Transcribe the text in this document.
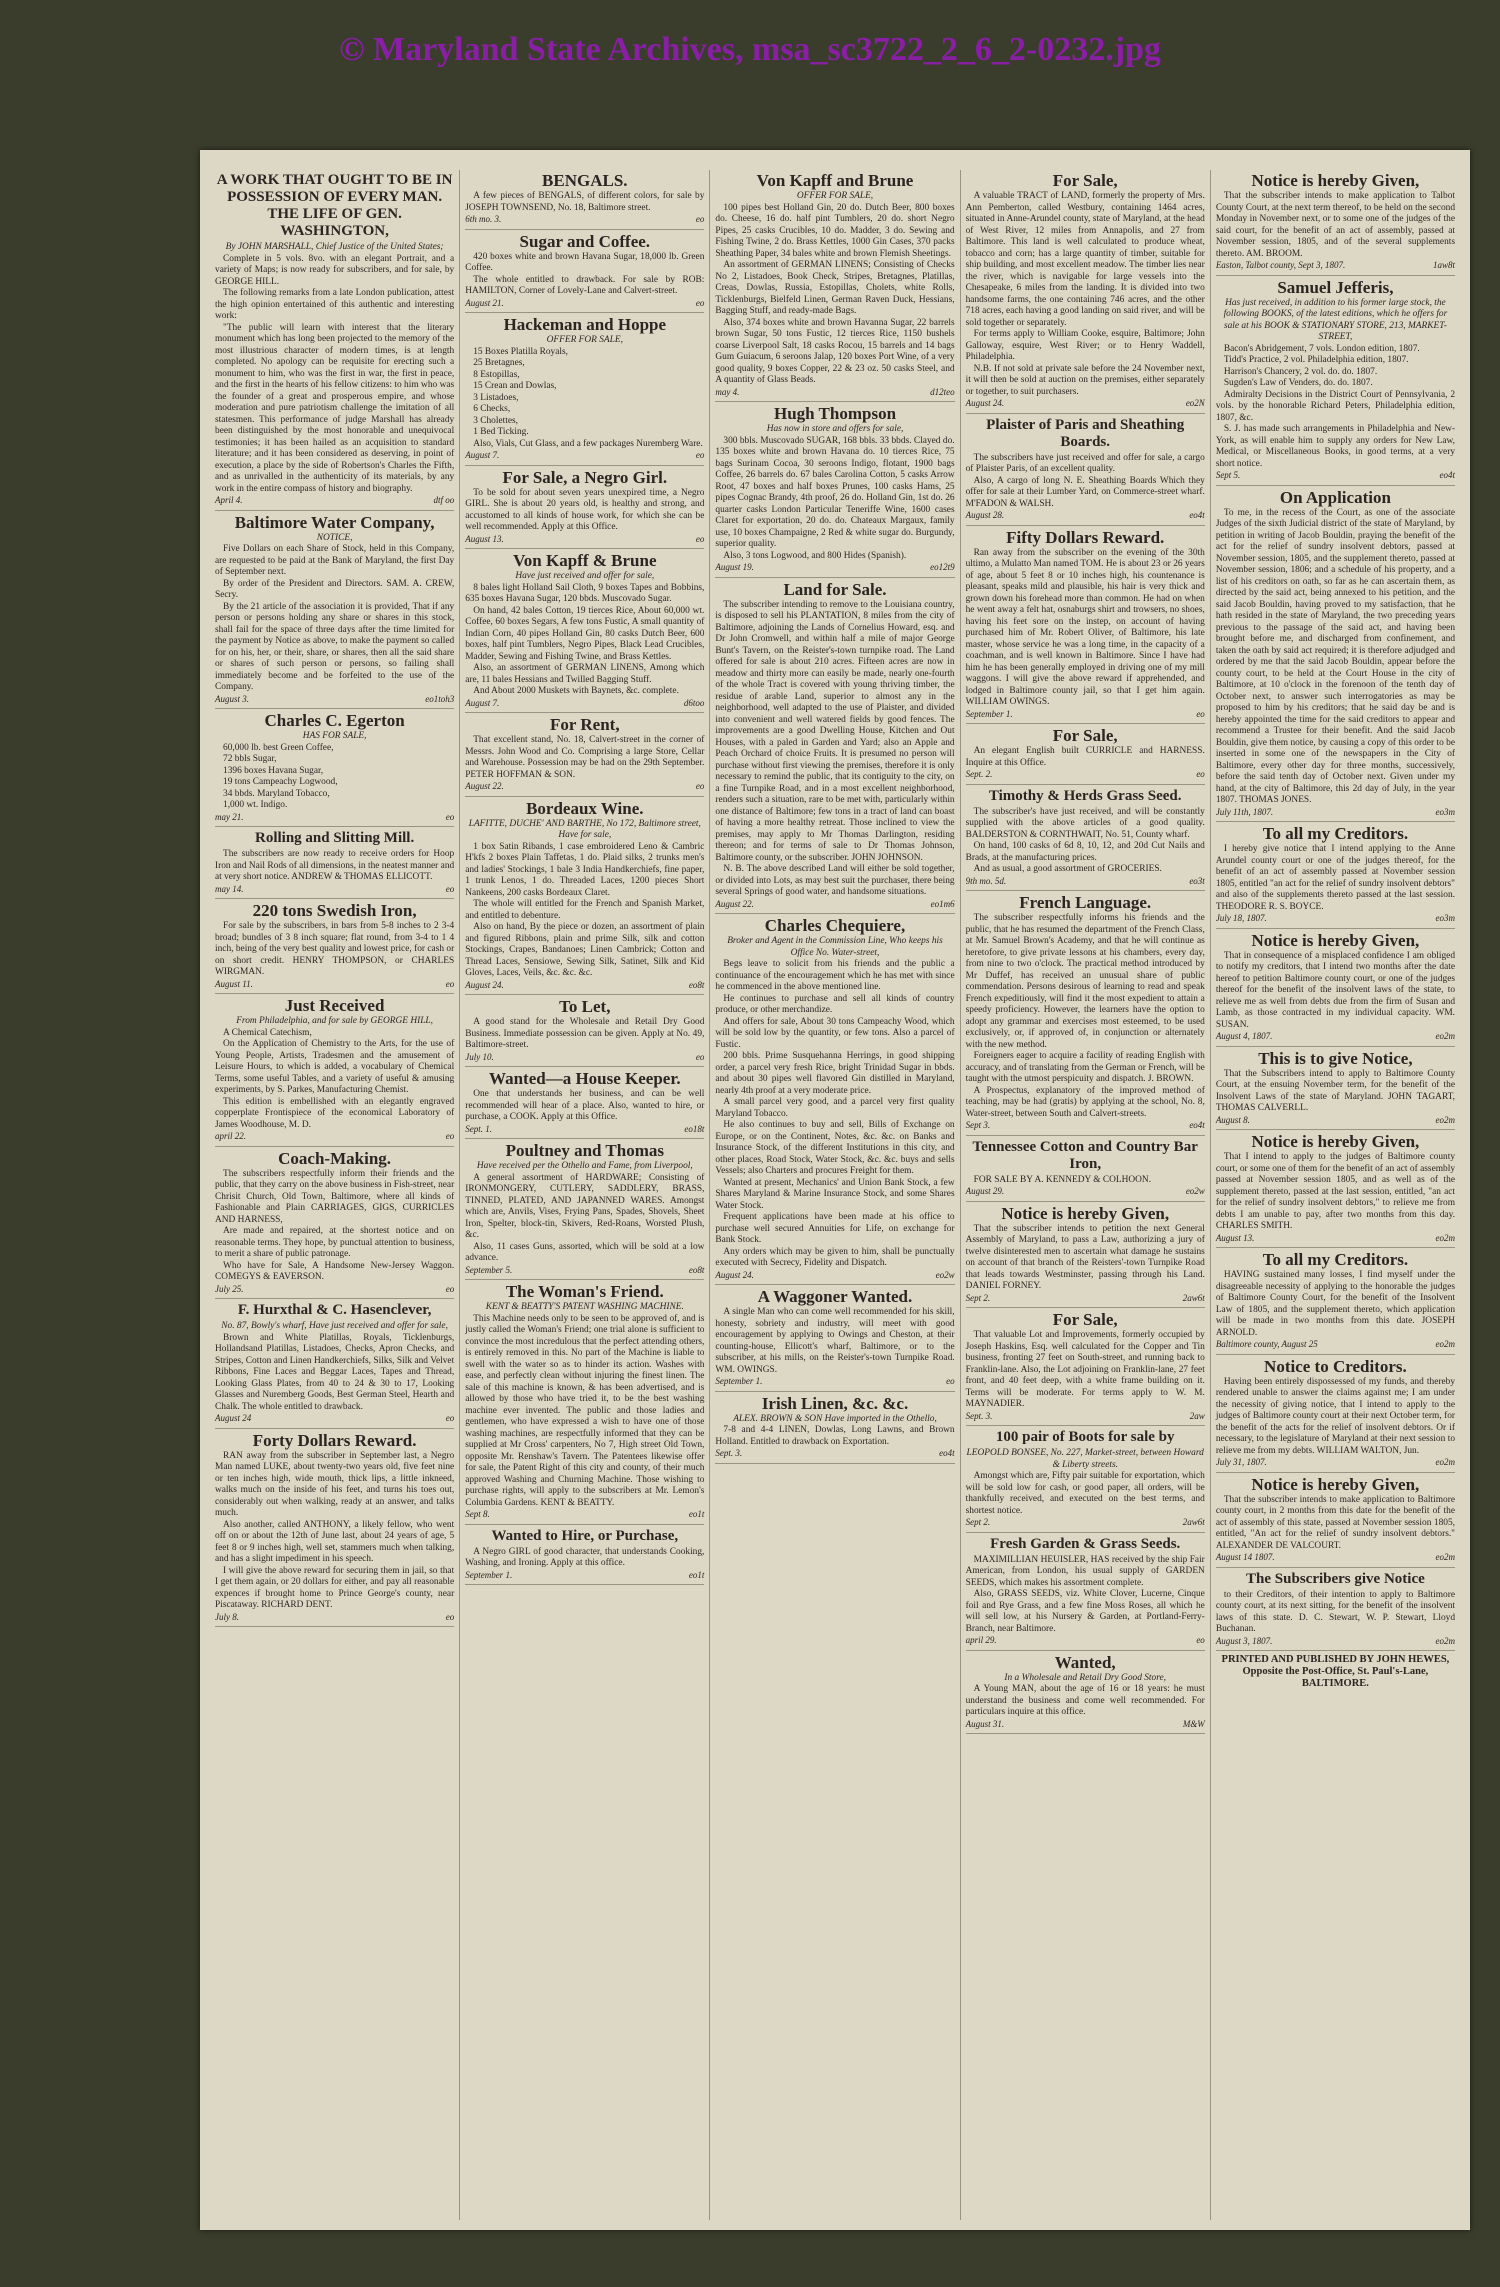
© Maryland State Archives, msa_sc3722_2_6_2-0232.jpg
A WORK THAT OUGHT TO BE IN POSSESSION OF EVERY MAN. THE LIFE OF GEN. WASHINGTON,
By JOHN MARSHALL, Chief Justice of the United States;
Complete in 5 vols. 8vo. with an elegant Portrait, and a variety of Maps; is now ready for subscribers, and for sale, by GEORGE HILL.
The following remarks from a late London publication, attest the high opinion entertained of this authentic and interesting work:
"The public will learn with interest that the literary monument which has long been projected to the memory of the most illustrious character of modern times, is at length completed. No apology can be requisite for erecting such a monument to him, who was the first in war, the first in peace, and the first in the hearts of his fellow citizens: to him who was the founder of a great and prosperous empire, and whose moderation and pure patriotism challenge the imitation of all statesmen. This performance of judge Marshall has already been distinguished by the most honorable and unequivocal testimonies; it has been hailed as an acquisition to standard literature; and it has been considered as deserving, in point of execution, a place by the side of Robertson's Charles the Fifth, and as unrivalled in the authenticity of its materials, by any work in the entire compass of history and biography.
April 4.	dtf oo
Baltimore Water Company,
NOTICE,
Five Dollars on each Share of Stock, held in this Company, are requested to be paid at the Bank of Maryland, the first Day of September next.
By order of the President and Directors. SAM. A. CREW, Secry.
By the 21 article of the association it is provided, That if any person or persons holding any share or shares in this stock, shall fail for the space of three days after the time limited for the payment by Notice as above, to make the payment so called for on his, her, or their, share, or shares, then all the said share or shares of such person or persons, so failing shall immediately become and be forfeited to the use of the Company.
August 3.	eo1toh3
Charles C. Egerton
HAS FOR SALE,
60,000 lb. best Green Coffee,
72 bbls Sugar,
1396 boxes Havana Sugar,
19 tons Campeachy Logwood,
34 bbds. Maryland Tobacco,
1,000 wt. Indigo.
may 21.	eo
Rolling and Slitting Mill.
The subscribers are now ready to receive orders for Hoop Iron and Nail Rods of all dimensions, in the neatest manner and at very short notice. ANDREW & THOMAS ELLICOTT.
may 14.	eo
220 tons Swedish Iron,
For sale by the subscribers, in bars from 5-8 inches to 2 3-4 broad; bundles of 3 8 inch square; flat round, from 3-4 to 1 4 inch, being of the very best quality and lowest price, for cash or on short credit. HENRY THOMPSON, or CHARLES WIRGMAN.
August 11.	eo
Just Received
From Philadelphia, and for sale by GEORGE HILL,
A Chemical Catechism,
On the Application of Chemistry to the Arts, for the use of Young People, Artists, Tradesmen and the amusement of Leisure Hours, to which is added, a vocabulary of Chemical Terms, some useful Tables, and a variety of useful & amusing experiments, by S. Parkes, Manufacturing Chemist.
This edition is embellished with an elegantly engraved copperplate Frontispiece of the economical Laboratory of James Woodhouse, M. D.
april 22.	eo
Coach-Making.
The subscribers respectfully inform their friends and the public, that they carry on the above business in Fish-street, near Chrisit Church, Old Town, Baltimore, where all kinds of Fashionable and Plain CARRIAGES, GIGS, CURRICLES AND HARNESS,
Are made and repaired, at the shortest notice and on reasonable terms. They hope, by punctual attention to business, to merit a share of public patronage.
Who have for Sale, A Handsome New-Jersey Waggon. COMEGYS & EAVERSON.
July 25.	eo
F. Hurxthal & C. Hasenclever,
No. 87, Bowly's wharf, Have just received and offer for sale,
Brown and White Platillas, Royals, Ticklenburgs, Hollandsand Platillas, Listadoes, Checks, Apron Checks, and Stripes, Cotton and Linen Handkerchiefs, Silks, Silk and Velvet Ribbons, Fine Laces and Beggar Laces, Tapes and Thread, Looking Glass Plates, from 40 to 24 & 30 to 17, Looking Glasses and Nuremberg Goods, Best German Steel, Hearth and Chalk. The whole entitled to drawback.
August 24	eo
Forty Dollars Reward.
RAN away from the subscriber in September last, a Negro Man named LUKE, about twenty-two years old, five feet nine or ten inches high, wide mouth, thick lips, a little inkneed, walks much on the inside of his feet, and turns his toes out, considerably out when walking, ready at an answer, and talks much.
Also another, called ANTHONY, a likely fellow, who went off on or about the 12th of June last, about 24 years of age, 5 feet 8 or 9 inches high, well set, stammers much when talking, and has a slight impediment in his speech.
I will give the above reward for securing them in jail, so that I get them again, or 20 dollars for either, and pay all reasonable expences if brought home to Prince George's county, near Piscataway. RICHARD DENT.
July 8.	eo
BENGALS.
A few pieces of BENGALS, of different colors, for sale by JOSEPH TOWNSEND, No. 18, Baltimore street.
6th mo. 3.	eo
Sugar and Coffee.
420 boxes white and brown Havana Sugar, 18,000 lb. Green Coffee.
The whole entitled to drawback. For sale by ROB: HAMILTON, Corner of Lovely-Lane and Calvert-street.
August 21.	eo
Hackeman and Hoppe
OFFER FOR SALE,
15 Boxes Platilla Royals,
25 Bretagnes,
8 Estopillas,
15 Crean and Dowlas,
3 Listadoes,
6 Checks,
3 Cholettes,
1 Bed Ticking.
Also, Vials, Cut Glass, and a few packages Nuremberg Ware.
August 7.	eo
For Sale, a Negro Girl.
To be sold for about seven years unexpired time, a Negro GIRL. She is about 20 years old, is healthy and strong, and accustomed to all kinds of house work, for which she can be well recommended. Apply at this Office.
August 13.	eo
Von Kapff & Brune
Have just received and offer for sale,
8 bales light Holland Sail Cloth, 9 boxes Tapes and Bobbins, 635 boxes Havana Sugar, 120 bbds. Muscovado Sugar.
On hand, 42 bales Cotton, 19 tierces Rice, About 60,000 wt. Coffee, 60 boxes Segars, A few tons Fustic, A small quantity of Indian Corn, 40 pipes Holland Gin, 80 casks Dutch Beer, 600 boxes, half pint Tumblers, Negro Pipes, Black Lead Crucibles, Madder, Sewing and Fishing Twine, and Brass Kettles.
Also, an assortment of GERMAN LINENS, Among which are, 11 bales Hessians and Twilled Bagging Stuff.
And About 2000 Muskets with Baynets, &c. complete.
August 7.	d6too
For Rent,
That excellent stand, No. 18, Calvert-street in the corner of Messrs. John Wood and Co. Comprising a large Store, Cellar and Warehouse. Possession may be had on the 29th September. PETER HOFFMAN & SON.
August 22.	eo
Bordeaux Wine.
LAFITTE, DUCHE' AND BARTHE, No 172, Baltimore street, Have for sale,
1 box Satin Ribands, 1 case embroidered Leno & Cambric H'kfs 2 boxes Plain Taffetas, 1 do. Plaid silks, 2 trunks men's and ladies' Stockings, 1 bale 3 India Handkerchiefs, fine paper, 1 trunk Lenos, 1 do. Threaded Laces, 1200 pieces Short Nankeens, 200 casks Bordeaux Claret.
The whole will entitled for the French and Spanish Market, and entitled to debenture.
Also on hand, By the piece or dozen, an assortment of plain and figured Ribbons, plain and prime Silk, silk and cotton Stockings, Crapes, Bandanoes; Linen Cambrick; Cotton and Thread Laces, Sensiowe, Sewing Silk, Satinet, Silk and Kid Gloves, Laces, Veils, &c. &c. &c.
August 24.	eo8t
To Let,
A good stand for the Wholesale and Retail Dry Good Business. Immediate possession can be given. Apply at No. 49, Baltimore-street.
July 10.	eo
Wanted—a House Keeper.
One that understands her business, and can be well recommended will hear of a place. Also, wanted to hire, or purchase, a COOK. Apply at this Office.
Sept. 1.	eo18t
Poultney and Thomas
Have received per the Othello and Fame, from Liverpool,
A general assortment of HARDWARE; Consisting of IRONMONGERY, CUTLERY, SADDLERY, BRASS, TINNED, PLATED, AND JAPANNED WARES. Amongst which are, Anvils, Vises, Frying Pans, Spades, Shovels, Sheet Iron, Spelter, block-tin, Skivers, Red-Roans, Worsted Plush, &c.
Also, 11 cases Guns, assorted, which will be sold at a low advance.
September 5.	eo8t
The Woman's Friend.
KENT & BEATTY'S PATENT WASHING MACHINE.
This Machine needs only to be seen to be approved of, and is justly called the Woman's Friend; one trial alone is sufficient to convince the most incredulous that the perfect attending others, is entirely removed in this. No part of the Machine is liable to swell with the water so as to hinder its action. Washes with ease, and perfectly clean without injuring the finest linen. The sale of this machine is known, & has been advertised, and is allowed by those who have tried it, to be the best washing machine ever invented. The public and those ladies and gentlemen, who have expressed a wish to have one of those washing machines, are respectfully informed that they can be supplied at Mr Cross' carpenters, No 7, High street Old Town, opposite Mr. Renshaw's Tavern. The Patentees likewise offer for sale, the Patent Right of this city and county, of their much approved Washing and Churning Machine. Those wishing to purchase rights, will apply to the subscribers at Mr. Lemon's Columbia Gardens. KENT & BEATTY.
Sept 8.	eo1t
Wanted to Hire, or Purchase,
A Negro GIRL of good character, that understands Cooking, Washing, and Ironing. Apply at this office.
September 1.	eo1t
Von Kapff and Brune
OFFER FOR SALE,
100 pipes best Holland Gin, 20 do. Dutch Beer, 800 boxes do. Cheese, 16 do. half pint Tumblers, 20 do. short Negro Pipes, 25 casks Crucibles, 10 do. Madder, 3 do. Sewing and Fishing Twine, 2 do. Brass Kettles, 1000 Gin Cases, 370 packs Sheathing Paper, 34 bales white and brown Flemish Sheetings.
An assortment of GERMAN LINENS; Consisting of Checks No 2, Listadoes, Book Check, Stripes, Bretagnes, Platillas, Creas, Dowlas, Russia, Estopillas, Cholets, white Rolls, Ticklenburgs, Bielfeld Linen, German Raven Duck, Hessians, Bagging Stuff, and ready-made Bags.
Also, 374 boxes white and brown Havanna Sugar, 22 barrels brown Sugar, 50 tons Fustic, 12 tierces Rice, 1150 bushels coarse Liverpool Salt, 18 casks Rocou, 15 barrels and 14 bags Gum Guiacum, 6 seroons Jalap, 120 boxes Port Wine, of a very good quality, 9 boxes Copper, 22 & 23 oz. 50 casks Steel, and A quantity of Glass Beads.
may 4.	d12teo
Hugh Thompson
Has now in store and offers for sale,
300 bbls. Muscovado SUGAR, 168 bbls. 33 bbds. Clayed do. 135 boxes white and brown Havana do. 10 tierces Rice, 75 bags Surinam Cocoa, 30 seroons Indigo, flotant, 1900 bags Coffee, 26 barrels do. 67 bales Carolina Cotton, 5 casks Arrow Root, 47 boxes and half boxes Prunes, 100 casks Hams, 25 pipes Cognac Brandy, 4th proof, 26 do. Holland Gin, 1st do. 26 quarter casks London Particular Teneriffe Wine, 1600 cases Claret for exportation, 20 do. do. Chateaux Margaux, family use, 10 boxes Champaigne, 2 Red & white sugar do. Burgundy, superior quality.
Also, 3 tons Logwood, and 800 Hides (Spanish).
August 19.	eo12t9
Land for Sale.
The subscriber intending to remove to the Louisiana country, is disposed to sell his PLANTATION, 8 miles from the city of Baltimore, adjoining the Lands of Cornelius Howard, esq. and Dr John Cromwell, and within half a mile of major George Bunt's Tavern, on the Reister's-town turnpike road. The Land offered for sale is about 210 acres. Fifteen acres are now in meadow and thirty more can easily be made, nearly one-fourth of the whole Tract is covered with young thriving timber, the residue of arable Land, superior to almost any in the neighborhood, well adapted to the use of Plaister, and divided into convenient and well watered fields by good fences. The improvements are a good Dwelling House, Kitchen and Out Houses, with a paled in Garden and Yard; also an Apple and Peach Orchard of choice Fruits. It is presumed no person will purchase without first viewing the premises, therefore it is only necessary to remind the public, that its contiguity to the city, on a fine Turnpike Road, and in a most excellent neighborhood, renders such a situation, rare to be met with, particularly within one distance of Baltimore; few tons in a tract of land can boast of having a more healthy retreat. Those inclined to view the premises, may apply to Mr Thomas Darlington, residing thereon; and for terms of sale to Dr Thomas Johnson, Baltimore county, or the subscriber. JOHN JOHNSON.
N. B. The above described Land will either be sold together, or divided into Lots, as may best suit the purchaser, there being several Springs of good water, and handsome situations.
August 22.	eo1m6
Charles Chequiere,
Broker and Agent in the Commission Line, Who keeps his Office No. Water-street,
Begs leave to solicit from his friends and the public a continuance of the encouragement which he has met with since he commenced in the above mentioned line.
He continues to purchase and sell all kinds of country produce, or other merchandize.
And offers for sale, About 30 tons Campeachy Wood, which will be sold low by the quantity, or few tons. Also a parcel of Fustic.
200 bbls. Prime Susquehanna Herrings, in good shipping order, a parcel very fresh Rice, bright Trinidad Sugar in bbds. and about 30 pipes well flavored Gin distilled in Maryland, nearly 4th proof at a very moderate price.
A small parcel very good, and a parcel very first quality Maryland Tobacco.
He also continues to buy and sell, Bills of Exchange on Europe, or on the Continent, Notes, &c. &c. on Banks and Insurance Stock, of the different Institutions in this city, and other places, Road Stock, Water Stock, &c. &c. buys and sells Vessels; also Charters and procures Freight for them.
Wanted at present, Mechanics' and Union Bank Stock, a few Shares Maryland & Marine Insurance Stock, and some Shares Water Stock.
Frequent applications have been made at his office to purchase well secured Annuities for Life, on exchange for Bank Stock.
Any orders which may be given to him, shall be punctually executed with Secrecy, Fidelity and Dispatch.
August 24.	eo2w
A Waggoner Wanted.
A single Man who can come well recommended for his skill, honesty, sobriety and industry, will meet with good encouragement by applying to Owings and Cheston, at their counting-house, Ellicott's wharf, Baltimore, or to the subscriber, at his mills, on the Reister's-town Turnpike Road. WM. OWINGS.
September 1.	eo
Irish Linen, &c. &c.
ALEX. BROWN & SON Have imported in the Othello,
7-8 and 4-4 LINEN, Dowlas, Long Lawns, and Brown Holland. Entitled to drawback on Exportation.
Sept. 3.	eo4t
For Sale,
A valuable TRACT of LAND, formerly the property of Mrs. Ann Pemberton, called Westbury, containing 1464 acres, situated in Anne-Arundel county, state of Maryland, at the head of West River, 12 miles from Annapolis, and 27 from Baltimore. This land is well calculated to produce wheat, tobacco and corn; has a large quantity of timber, suitable for ship building, and most excellent meadow. The timber lies near the river, which is navigable for large vessels into the Chesapeake, 6 miles from the landing. It is divided into two handsome farms, the one containing 746 acres, and the other 718 acres, each having a good landing on said river, and will be sold together or separately.
For terms apply to William Cooke, esquire, Baltimore; John Galloway, esquire, West River; or to Henry Waddell, Philadelphia.
N.B. If not sold at private sale before the 24 November next, it will then be sold at auction on the premises, either separately or together, to suit purchasers.
August 24.	eo2N
Plaister of Paris and Sheathing Boards.
The subscribers have just received and offer for sale, a cargo of Plaister Paris, of an excellent quality.
Also, A cargo of long N. E. Sheathing Boards Which they offer for sale at their Lumber Yard, on Commerce-street wharf. M'FADON & WALSH.
August 28.	eo4t
Fifty Dollars Reward.
Ran away from the subscriber on the evening of the 30th ultimo, a Mulatto Man named TOM. He is about 23 or 26 years of age, about 5 feet 8 or 10 inches high, his countenance is pleasant, speaks mild and plausible, his hair is very thick and grown down his forehead more than common. He had on when he went away a felt hat, osnaburgs shirt and trowsers, no shoes, having his feet sore on the instep, on account of having purchased him of Mr. Robert Oliver, of Baltimore, his late master, whose service he was a long time, in the capacity of a coachman, and is well known in Baltimore. Since I have had him he has been generally employed in driving one of my mill waggons. I will give the above reward if apprehended, and lodged in Baltimore county jail, so that I get him again. WILLIAM OWINGS.
September 1.	eo
For Sale,
An elegant English built CURRICLE and HARNESS. Inquire at this Office.
Sept. 2.	eo
Timothy & Herds Grass Seed.
The subscriber's have just received, and will be constantly supplied with the above articles of a good quality. BALDERSTON & CORNTHWAIT, No. 51, County wharf.
On hand, 100 casks of 6d 8, 10, 12, and 20d Cut Nails and Brads, at the manufacturing prices.
And as usual, a good assortment of GROCERIES.
9th mo. 5d.	eo3t
French Language.
The subscriber respectfully informs his friends and the public, that he has resumed the department of the French Class, at Mr. Samuel Brown's Academy, and that he will continue as heretofore, to give private lessons at his chambers, every day, from nine to two o'clock. The practical method introduced by Mr Duffef, has received an unusual share of public commendation. Persons desirous of learning to read and speak French expeditiously, will find it the most expedient to attain a speedy proficiency. However, the learners have the option to adopt any grammar and exercises most esteemed, to be used exclusively, or, if approved of, in conjunction or alternately with the new method.
Foreigners eager to acquire a facility of reading English with accuracy, and of translating from the German or French, will be taught with the utmost perspicuity and dispatch. J. BROWN.
A Prospectus, explanatory of the improved method of teaching, may be had (gratis) by applying at the school, No. 8, Water-street, between South and Calvert-streets.
Sept 3.	eo4t
Tennessee Cotton and Country Bar Iron,
FOR SALE BY A. KENNEDY & COLHOON.
August 29.	eo2w
Notice is hereby Given,
That the subscriber intends to petition the next General Assembly of Maryland, to pass a Law, authorizing a jury of twelve disinterested men to ascertain what damage he sustains on account of that branch of the Reisters'-town Turnpike Road that leads towards Westminster, passing through his Land. DANIEL FORNEY.
Sept 2.	2aw6t
For Sale,
That valuable Lot and Improvements, formerly occupied by Joseph Haskins, Esq. well calculated for the Copper and Tin business, fronting 27 feet on South-street, and running back to Franklin-lane. Also, the Lot adjoining on Franklin-lane, 27 feet front, and 40 feet deep, with a white frame building on it. Terms will be moderate. For terms apply to W. M. MAYNADIER.
Sept. 3.	2aw
100 pair of Boots for sale by
LEOPOLD BONSEE, No. 227, Market-street, between Howard & Liberty streets.
Amongst which are, Fifty pair suitable for exportation, which will be sold low for cash, or good paper, all orders, will be thankfully received, and executed on the best terms, and shortest notice.
Sept 2.	2aw6t
Fresh Garden & Grass Seeds.
MAXIMILLIAN HEUISLER, HAS received by the ship Fair American, from London, his usual supply of GARDEN SEEDS, which makes his assortment complete.
Also, GRASS SEEDS, viz. White Clover, Lucerne, Cinque foil and Rye Grass, and a few fine Moss Roses, all which he will sell low, at his Nursery & Garden, at Portland-Ferry-Branch, near Baltimore.
april 29.	eo
Wanted,
In a Wholesale and Retail Dry Good Store,
A Young MAN, about the age of 16 or 18 years: he must understand the business and come well recommended. For particulars inquire at this office.
August 31.	M&W
Notice is hereby Given,
That the subscriber intends to make application to Talbot County Court, at the next term thereof, to be held on the second Monday in November next, or to some one of the judges of the said court, for the benefit of an act of assembly, passed at November session, 1805, and of the several supplements thereto. AM. BROOM.
Easton, Talbot county, Sept 3, 1807.	1aw8t
Samuel Jefferis,
Has just received, in addition to his former large stock, the following BOOKS, of the latest editions, which he offers for sale at his BOOK & STATIONARY STORE, 213, MARKET-STREET,
Bacon's Abridgement, 7 vols. London edition, 1807.
Tidd's Practice, 2 vol. Philadelphia edition, 1807.
Harrison's Chancery, 2 vol. do. do. 1807.
Sugden's Law of Venders, do. do. 1807.
Admiralty Decisions in the District Court of Pennsylvania, 2 vols. by the honorable Richard Peters, Philadelphia edition, 1807, &c.
S. J. has made such arrangements in Philadelphia and New-York, as will enable him to supply any orders for New Law, Medical, or Miscellaneous Books, in good terms, at a very short notice.
Sept 5.	eo4t
On Application
To me, in the recess of the Court, as one of the associate Judges of the sixth Judicial district of the state of Maryland, by petition in writing of Jacob Bouldin, praying the benefit of the act for the relief of sundry insolvent debtors, passed at November session, 1805, and the supplement thereto, passed at November session, 1806; and a schedule of his property, and a list of his creditors on oath, so far as he can ascertain them, as directed by the said act, being annexed to his petition, and the said Jacob Bouldin, having proved to my satisfaction, that he hath resided in the state of Maryland, the two preceding years previous to the passage of the said act, and having been brought before me, and discharged from confinement, and taken the oath by said act required; it is therefore adjudged and ordered by me that the said Jacob Bouldin, appear before the county court, to be held at the Court House in the city of Baltimore, at 10 o'clock in the forenoon of the tenth day of October next, to answer such interrogatories as may be proposed to him by his creditors; that he said day be and is hereby appointed the time for the said creditors to appear and recommend a Trustee for their benefit. And the said Jacob Bouldin, give them notice, by causing a copy of this order to be inserted in some one of the newspapers in the City of Baltimore, every other day for three months, successively, before the said tenth day of October next. Given under my hand, at the city of Baltimore, this 2d day of July, in the year 1807. THOMAS JONES.
July 11th, 1807.	eo3m
To all my Creditors.
I hereby give notice that I intend applying to the Anne Arundel county court or one of the judges thereof, for the benefit of an act of assembly passed at November session 1805, entitled "an act for the relief of sundry insolvent debtors" and also of the supplements thereto passed at the last session. THEODORE R. S. BOYCE.
July 18, 1807.	eo3m
Notice is hereby Given,
That in consequence of a misplaced confidence I am obliged to notify my creditors, that I intend two months after the date hereof to petition Baltimore county court, or one of the judges thereof for the benefit of the insolvent laws of the state, to relieve me as well from debts due from the firm of Susan and Lamb, as those contracted in my individual capacity. WM. SUSAN.
August 4, 1807.	eo2m
This is to give Notice,
That the Subscribers intend to apply to Baltimore County Court, at the ensuing November term, for the benefit of the Insolvent Laws of the state of Maryland. JOHN TAGART, THOMAS CALVERLL.
August 8.	eo2m
Notice is hereby Given,
That I intend to apply to the judges of Baltimore county court, or some one of them for the benefit of an act of assembly passed at November session 1805, and as well as of the supplement thereto, passed at the last session, entitled, "an act for the relief of sundry insolvent debtors," to relieve me from debts I am unable to pay, after two months from this day. CHARLES SMITH.
August 13.	eo2m
To all my Creditors.
HAVING sustained many losses, I find myself under the disagreeable necessity of applying to the honorable the judges of Baltimore County Court, for the benefit of the Insolvent Law of 1805, and the supplement thereto, which application will be made in two months from this date. JOSEPH ARNOLD.
Baltimore county, August 25	eo2m
Notice to Creditors.
Having been entirely dispossessed of my funds, and thereby rendered unable to answer the claims against me; I am under the necessity of giving notice, that I intend to apply to the judges of Baltimore county court at their next October term, for the benefit of the acts for the relief of insolvent debtors. Or if necessary, to the legislature of Maryland at their next session to relieve me from my debts. WILLIAM WALTON, Jun.
July 31, 1807.	eo2m
Notice is hereby Given,
That the subscriber intends to make application to Baltimore county court, in 2 months from this date for the benefit of the act of assembly of this state, passed at November session 1805, entitled, "An act for the relief of sundry insolvent debtors." ALEXANDER DE VALCOURT.
August 14 1807.	eo2m
The Subscribers give Notice
to their Creditors, of their intention to apply to Baltimore county court, at its next sitting, for the benefit of the insolvent laws of this state. D. C. Stewart, W. P. Stewart, Lloyd Buchanan.
August 3, 1807.	eo2m
PRINTED AND PUBLISHED BY JOHN HEWES, Opposite the Post-Office, St. Paul's-Lane, BALTIMORE.
